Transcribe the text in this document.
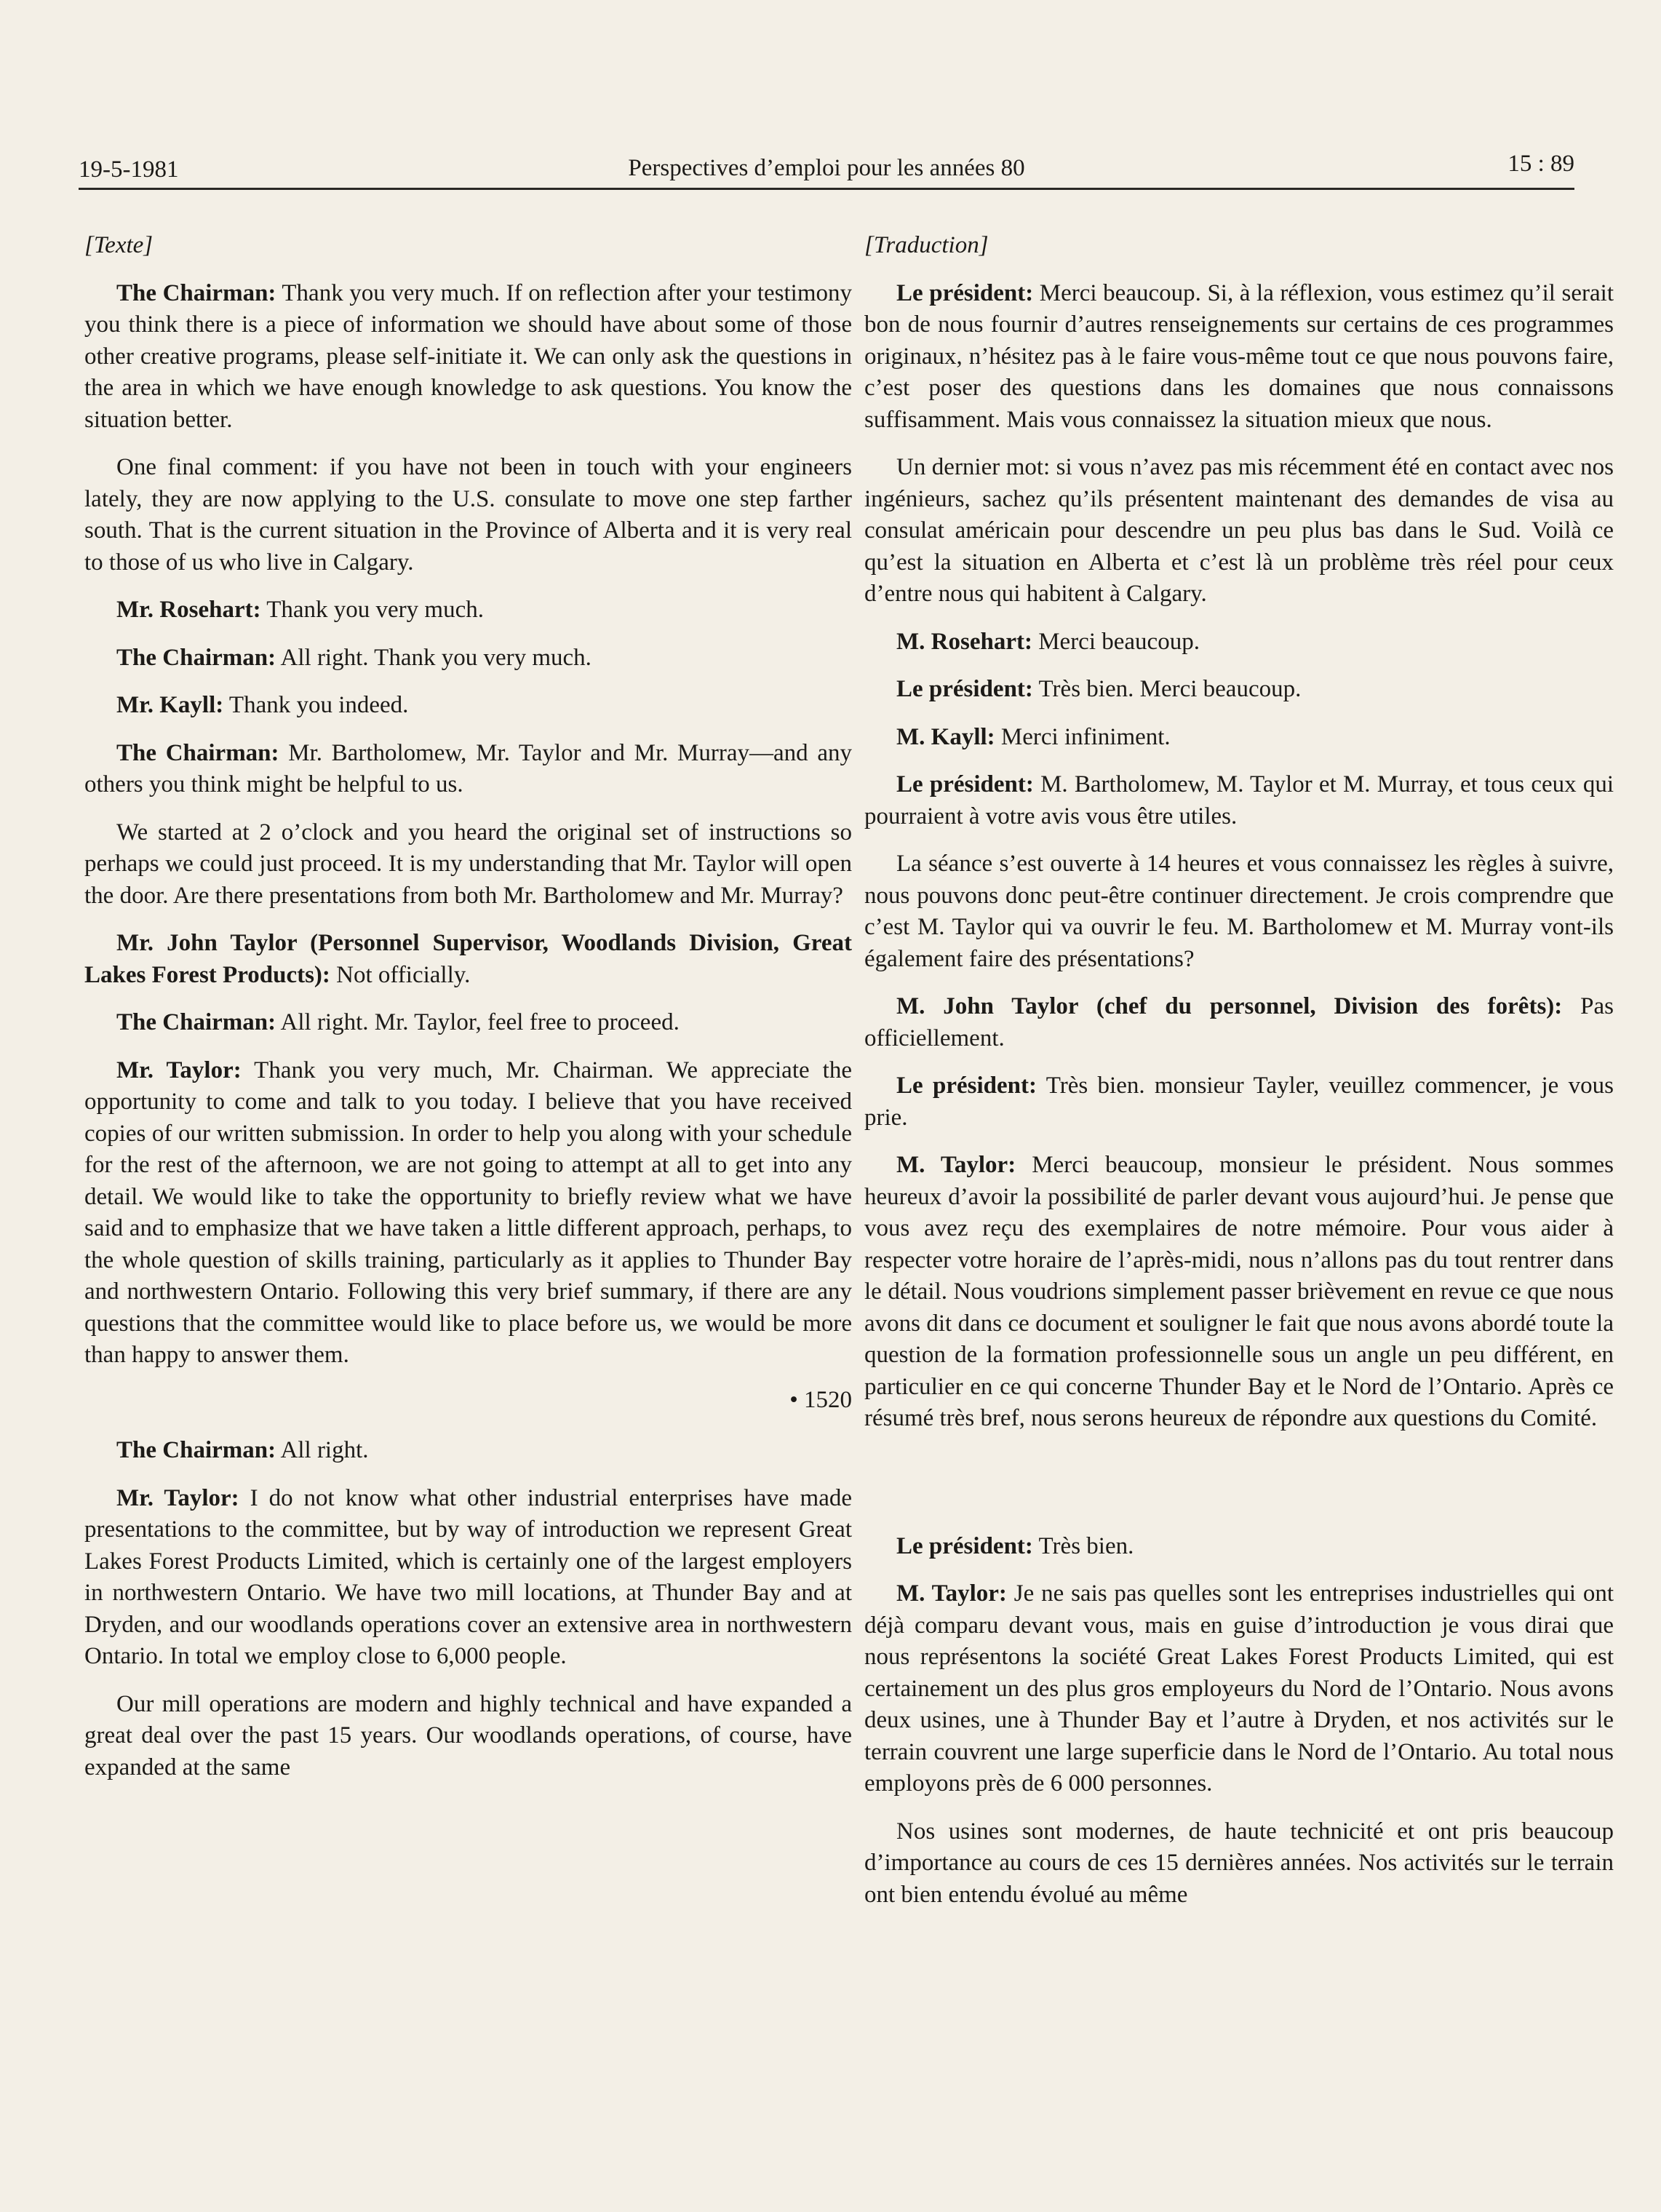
19-5-1981	Perspectives d’emploi pour les années 80	15 : 89

[Texte]

The Chairman: Thank you very much. If on reflection after your testimony you think there is a piece of information we should have about some of those other creative programs, please self-initiate it. We can only ask the questions in the area in which we have enough knowledge to ask questions. You know the situation better.

One final comment: if you have not been in touch with your engineers lately, they are now applying to the U.S. consulate to move one step farther south. That is the current situation in the Province of Alberta and it is very real to those of us who live in Calgary.

Mr. Rosehart: Thank you very much.

The Chairman: All right. Thank you very much.

Mr. Kayll: Thank you indeed.

The Chairman: Mr. Bartholomew, Mr. Taylor and Mr. Murray—and any others you think might be helpful to us.

We started at 2 o’clock and you heard the original set of instructions so perhaps we could just proceed. It is my understanding that Mr. Taylor will open the door. Are there presentations from both Mr. Bartholomew and Mr. Murray?

Mr. John Taylor (Personnel Supervisor, Woodlands Division, Great Lakes Forest Products): Not officially.

The Chairman: All right. Mr. Taylor, feel free to proceed.

Mr. Taylor: Thank you very much, Mr. Chairman. We appreciate the opportunity to come and talk to you today. I believe that you have received copies of our written submission. In order to help you along with your schedule for the rest of the afternoon, we are not going to attempt at all to get into any detail. We would like to take the opportunity to briefly review what we have said and to emphasize that we have taken a little different approach, perhaps, to the whole question of skills training, particularly as it applies to Thunder Bay and northwestern Ontario. Following this very brief summary, if there are any questions that the committee would like to place before us, we would be more than happy to answer them.

• 1520

The Chairman: All right.

Mr. Taylor: I do not know what other industrial enterprises have made presentations to the committee, but by way of introduction we represent Great Lakes Forest Products Limited, which is certainly one of the largest employers in northwestern Ontario. We have two mill locations, at Thunder Bay and at Dryden, and our woodlands operations cover an extensive area in northwestern Ontario. In total we employ close to 6,000 people.

Our mill operations are modern and highly technical and have expanded a great deal over the past 15 years. Our woodlands operations, of course, have expanded at the same

[Traduction]

Le président: Merci beaucoup. Si, à la réflexion, vous estimez qu’il serait bon de nous fournir d’autres renseignements sur certains de ces programmes originaux, n’hésitez pas à le faire vous-même tout ce que nous pouvons faire, c’est poser des questions dans les domaines que nous connaissons suffisamment. Mais vous connaissez la situation mieux que nous.

Un dernier mot: si vous n’avez pas mis récemment été en contact avec nos ingénieurs, sachez qu’ils présentent maintenant des demandes de visa au consulat américain pour descendre un peu plus bas dans le Sud. Voilà ce qu’est la situation en Alberta et c’est là un problème très réel pour ceux d’entre nous qui habitent à Calgary.

M. Rosehart: Merci beaucoup.

Le président: Très bien. Merci beaucoup.

M. Kayll: Merci infiniment.

Le président: M. Bartholomew, M. Taylor et M. Murray, et tous ceux qui pourraient à votre avis vous être utiles.

La séance s’est ouverte à 14 heures et vous connaissez les règles à suivre, nous pouvons donc peut-être continuer directement. Je crois comprendre que c’est M. Taylor qui va ouvrir le feu. M. Bartholomew et M. Murray vont-ils également faire des présentations?

M. John Taylor (chef du personnel, Division des forêts): Pas officiellement.

Le président: Très bien. monsieur Tayler, veuillez commencer, je vous prie.

M. Taylor: Merci beaucoup, monsieur le président. Nous sommes heureux d’avoir la possibilité de parler devant vous aujourd’hui. Je pense que vous avez reçu des exemplaires de notre mémoire. Pour vous aider à respecter votre horaire de l’après-midi, nous n’allons pas du tout rentrer dans le détail. Nous voudrions simplement passer brièvement en revue ce que nous avons dit dans ce document et souligner le fait que nous avons abordé toute la question de la formation professionnelle sous un angle un peu différent, en particulier en ce qui concerne Thunder Bay et le Nord de l’Ontario. Après ce résumé très bref, nous serons heureux de répondre aux questions du Comité.

Le président: Très bien.

M. Taylor: Je ne sais pas quelles sont les entreprises industrielles qui ont déjà comparu devant vous, mais en guise d’introduction je vous dirai que nous représentons la société Great Lakes Forest Products Limited, qui est certainement un des plus gros employeurs du Nord de l’Ontario. Nous avons deux usines, une à Thunder Bay et l’autre à Dryden, et nos activités sur le terrain couvrent une large superficie dans le Nord de l’Ontario. Au total nous employons près de 6 000 personnes.

Nos usines sont modernes, de haute technicité et ont pris beaucoup d’importance au cours de ces 15 dernières années. Nos activités sur le terrain ont bien entendu évolué au même
